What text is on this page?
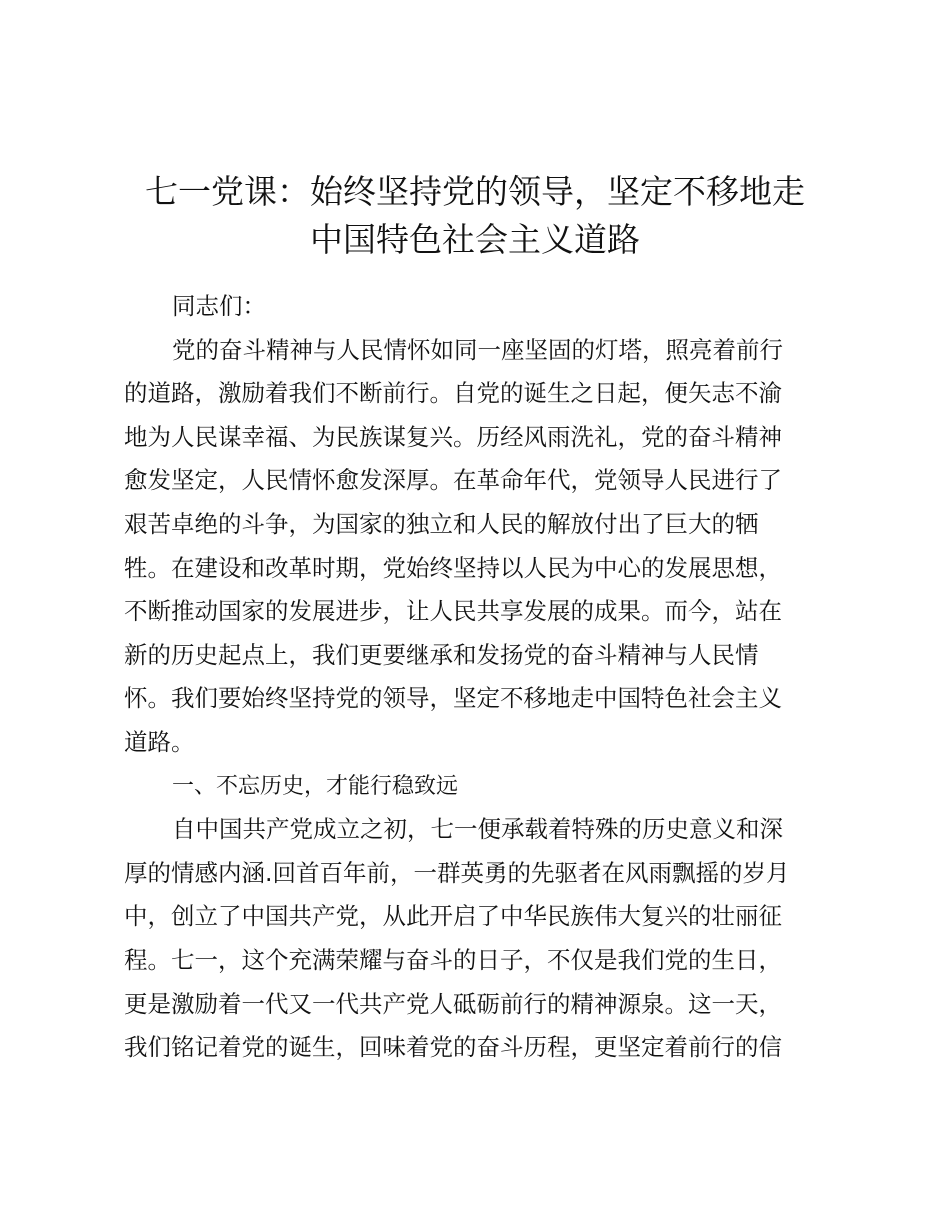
七一党课：始终坚持党的领导，坚定不移地走
中国特色社会主义道路
同志们：
党的奋斗精神与人民情怀如同一座坚固的灯塔，照亮着前行
的道路，激励着我们不断前行。自党的诞生之日起，便矢志不渝
地为人民谋幸福、为民族谋复兴。历经风雨洗礼，党的奋斗精神
愈发坚定，人民情怀愈发深厚。在革命年代，党领导人民进行了
艰苦卓绝的斗争，为国家的独立和人民的解放付出了巨大的牺
牲。在建设和改革时期，党始终坚持以人民为中心的发展思想，
不断推动国家的发展进步，让人民共享发展的成果。而今，站在
新的历史起点上，我们更要继承和发扬党的奋斗精神与人民情
怀。我们要始终坚持党的领导，坚定不移地走中国特色社会主义
道路。
一、不忘历史，才能行稳致远
自中国共产党成立之初，七一便承载着特殊的历史意义和深
厚的情感内涵.回首百年前，一群英勇的先驱者在风雨飘摇的岁月
中，创立了中国共产党，从此开启了中华民族伟大复兴的壮丽征
程。七一，这个充满荣耀与奋斗的日子，不仅是我们党的生日，
更是激励着一代又一代共产党人砥砺前行的精神源泉。这一天，
我们铭记着党的诞生，回味着党的奋斗历程，更坚定着前行的信
